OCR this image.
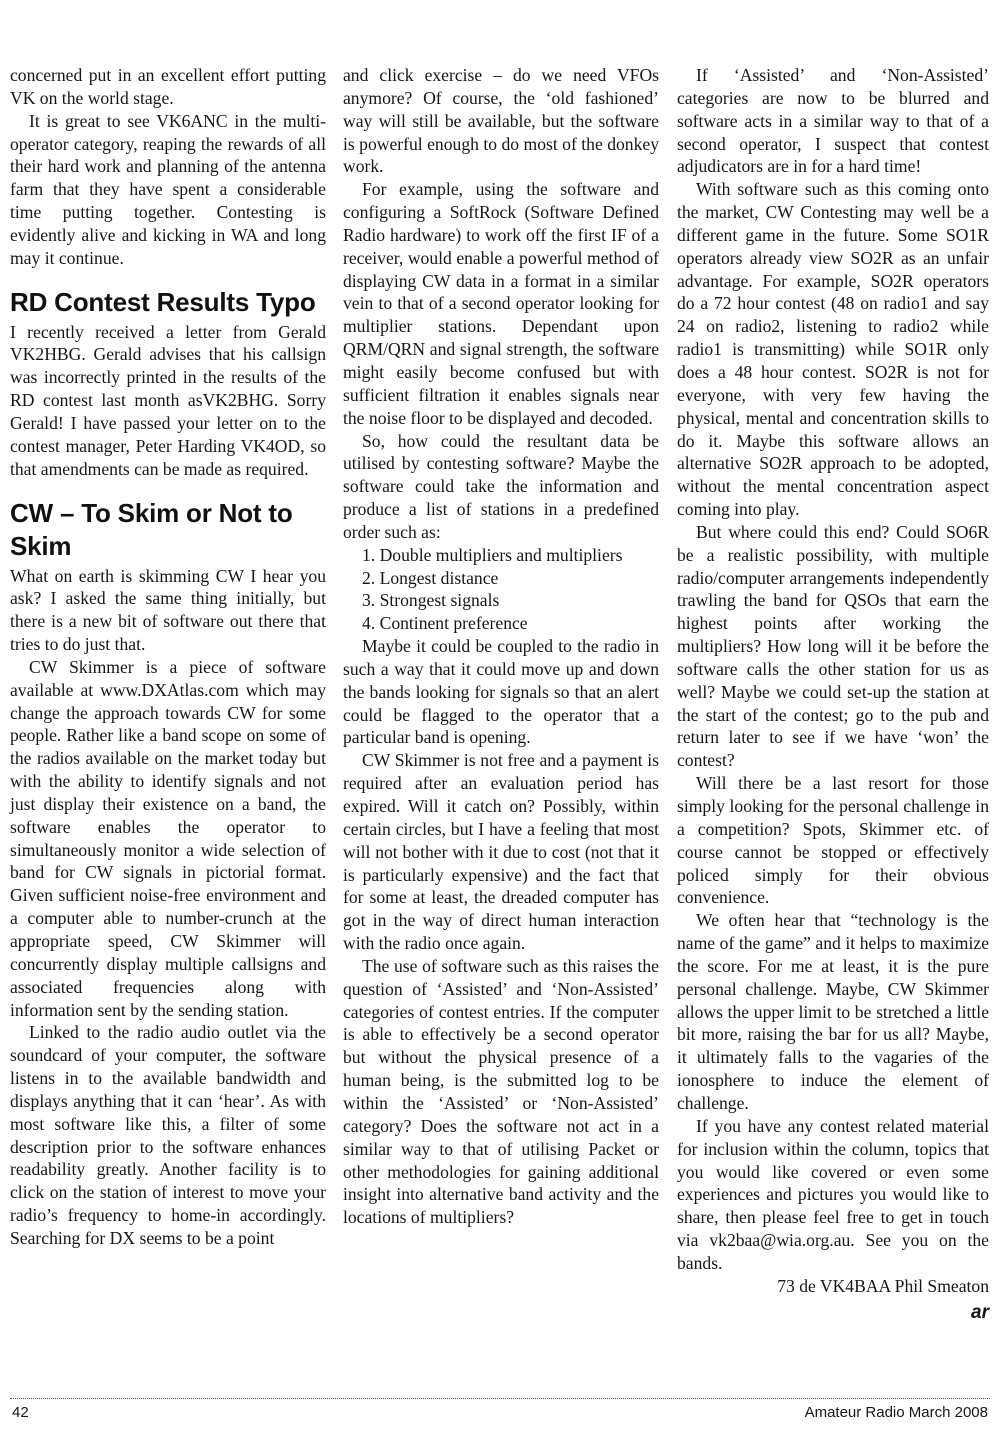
concerned put in an excellent effort putting VK on the world stage.

It is great to see VK6ANC in the multi-operator category, reaping the rewards of all their hard work and planning of the antenna farm that they have spent a considerable time putting together. Contesting is evidently alive and kicking in WA and long may it continue.

RD Contest Results Typo

I recently received a letter from Gerald VK2HBG. Gerald advises that his callsign was incorrectly printed in the results of the RD contest last month asVK2BHG. Sorry Gerald! I have passed your letter on to the contest manager, Peter Harding VK4OD, so that amendments can be made as required.

CW – To Skim or Not to Skim

What on earth is skimming CW I hear you ask? I asked the same thing initially, but there is a new bit of software out there that tries to do just that.

CW Skimmer is a piece of software available at www.DXAtlas.com which may change the approach towards CW for some people. Rather like a band scope on some of the radios available on the market today but with the ability to identify signals and not just display their existence on a band, the software enables the operator to simultaneously monitor a wide selection of band for CW signals in pictorial format. Given sufficient noise-free environment and a computer able to number-crunch at the appropriate speed, CW Skimmer will concurrently display multiple callsigns and associated frequencies along with information sent by the sending station.

Linked to the radio audio outlet via the soundcard of your computer, the software listens in to the available bandwidth and displays anything that it can ‘hear’. As with most software like this, a filter of some description prior to the software enhances readability greatly. Another facility is to click on the station of interest to move your radio’s frequency to home-in accordingly. Searching for DX seems to be a point

and click exercise – do we need VFOs anymore? Of course, the ‘old fashioned’ way will still be available, but the software is powerful enough to do most of the donkey work.

For example, using the software and configuring a SoftRock (Software Defined Radio hardware) to work off the first IF of a receiver, would enable a powerful method of displaying CW data in a format in a similar vein to that of a second operator looking for multiplier stations. Dependant upon QRM/QRN and signal strength, the software might easily become confused but with sufficient filtration it enables signals near the noise floor to be displayed and decoded.

So, how could the resultant data be utilised by contesting software? Maybe the software could take the information and produce a list of stations in a predefined order such as:

1. Double multipliers and multipliers
2. Longest distance
3. Strongest signals
4. Continent preference

Maybe it could be coupled to the radio in such a way that it could move up and down the bands looking for signals so that an alert could be flagged to the operator that a particular band is opening.

CW Skimmer is not free and a payment is required after an evaluation period has expired. Will it catch on? Possibly, within certain circles, but I have a feeling that most will not bother with it due to cost (not that it is particularly expensive) and the fact that for some at least, the dreaded computer has got in the way of direct human interaction with the radio once again.

The use of software such as this raises the question of ‘Assisted’ and ‘Non-Assisted’ categories of contest entries. If the computer is able to effectively be a second operator but without the physical presence of a human being, is the submitted log to be within the ‘Assisted’ or ‘Non-Assisted’ category? Does the software not act in a similar way to that of utilising Packet or other methodologies for gaining additional insight into alternative band activity and the locations of multipliers?

If ‘Assisted’ and ‘Non-Assisted’ categories are now to be blurred and software acts in a similar way to that of a second operator, I suspect that contest adjudicators are in for a hard time!

With software such as this coming onto the market, CW Contesting may well be a different game in the future. Some SO1R operators already view SO2R as an unfair advantage. For example, SO2R operators do a 72 hour contest (48 on radio1 and say 24 on radio2, listening to radio2 while radio1 is transmitting) while SO1R only does a 48 hour contest. SO2R is not for everyone, with very few having the physical, mental and concentration skills to do it. Maybe this software allows an alternative SO2R approach to be adopted, without the mental concentration aspect coming into play.

But where could this end? Could SO6R be a realistic possibility, with multiple radio/computer arrangements independently trawling the band for QSOs that earn the highest points after working the multipliers? How long will it be before the software calls the other station for us as well? Maybe we could set-up the station at the start of the contest; go to the pub and return later to see if we have ‘won’ the contest?

Will there be a last resort for those simply looking for the personal challenge in a competition? Spots, Skimmer etc. of course cannot be stopped or effectively policed simply for their obvious convenience.

We often hear that “technology is the name of the game” and it helps to maximize the score. For me at least, it is the pure personal challenge. Maybe, CW Skimmer allows the upper limit to be stretched a little bit more, raising the bar for us all? Maybe, it ultimately falls to the vagaries of the ionosphere to induce the element of challenge.

If you have any contest related material for inclusion within the column, topics that you would like covered or even some experiences and pictures you would like to share, then please feel free to get in touch via vk2baa@wia.org.au. See you on the bands.

73 de VK4BAA Phil Smeaton

ar
42	Amateur Radio March 2008
